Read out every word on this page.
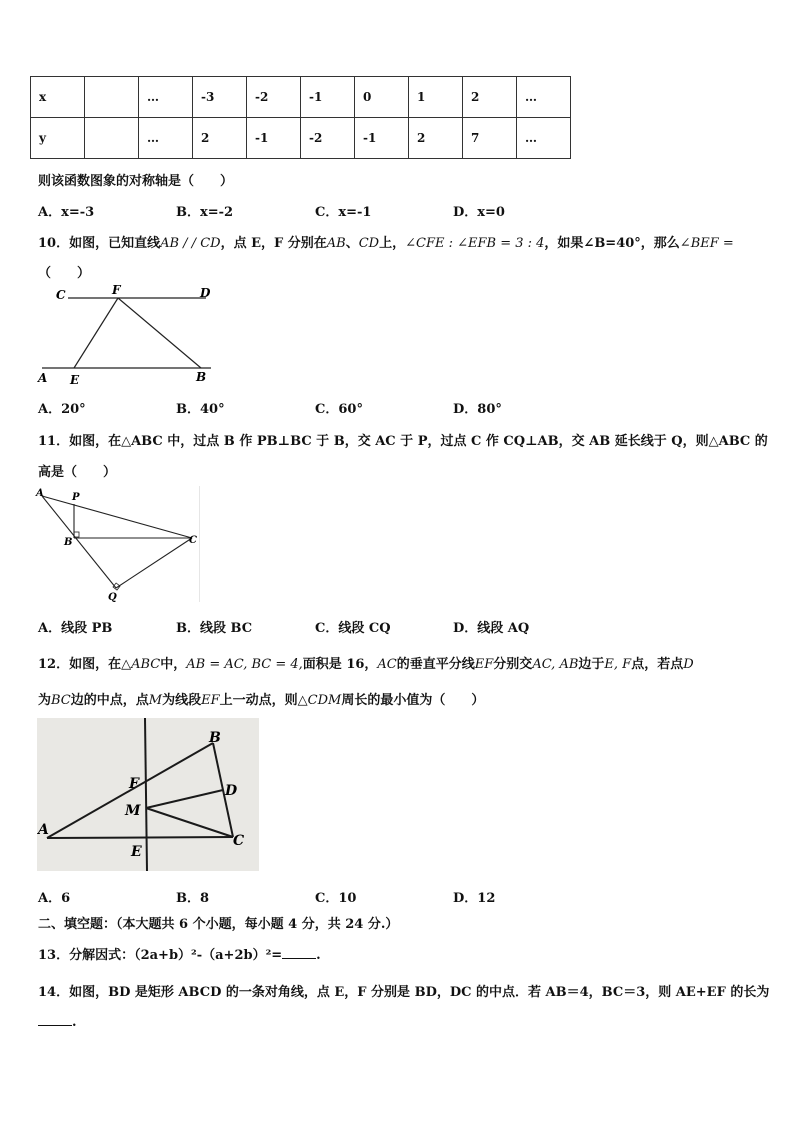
x		…	-3	-2	-1	0	1	2	…
y		…	2	-1	-2	-1	2	7	…
则该函数图象的对称轴是（　　）
A．x=-3	B．x=-2	C．x=-1	D．x=0
10．如图，已知直线AB / / CD，点 E，F 分别在AB、CD上，∠CFE : ∠EFB = 3 : 4，如果∠B=40°，那么∠BEF =
（　　）
C	F	D
A E	B
A．20°	B．40°	C．60°	D．80°
11．如图，在△ABC 中，过点 B 作 PB⊥BC 于 B，交 AC 于 P，过点 C 作 CQ⊥AB，交 AB 延长线于 Q，则△ABC 的
高是（　　）
A	P
B	C
Q
A．线段 PB	B．线段 BC	C．线段 CQ	D．线段 AQ
12．如图，在△ABC中，AB = AC, BC = 4,面积是 16，AC的垂直平分线EF分别交AC, AB边于E, F点，若点D
为BC边的中点，点M为线段EF上一动点，则△CDM周长的最小值为（　　）
B
F	D
M
A
C
E
A．6	B．8	C．10	D．12
二、填空题：（本大题共 6 个小题，每小题 4 分，共 24 分.）
13．分解因式：（2a+b）²-（a+2b）²=	.
14．如图，BD 是矩形 ABCD 的一条对角线，点 E，F 分别是 BD，DC 的中点．若 AB＝4，BC＝3，则 AE+EF 的长为
.
